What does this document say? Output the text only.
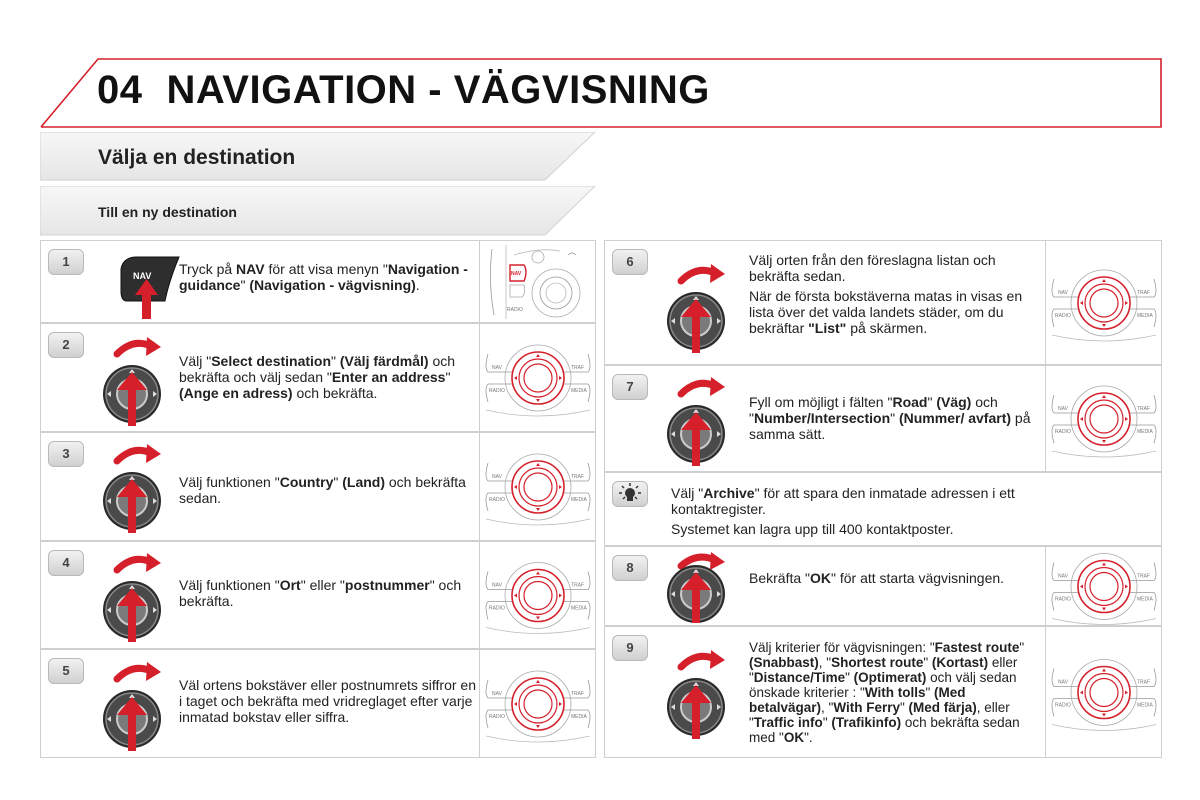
04 NAVIGATION - VÄGVISNING
Välja en destination
Till en ny destination
1
NAV Tryck på NAV för att visa menyn "Navigation - guidance" (Navigation - vägvisning).
NAV
RADIO
2
Välj "Select destination" (Välj färdmål) och bekräfta och välj sedan "Enter an address" (Ange en adress) och bekräfta.
NAV	TRAF
RADIO	MEDIA
3
Välj funktionen "Country" (Land) och bekräfta sedan.
NAV	TRAF
RADIO	MEDIA
4
Välj funktionen "Ort" eller "postnummer" och bekräfta.
NAV	TRAF
RADIO	MEDIA
5
Väl ortens bokstäver eller postnumrets siffror en i taget och bekräfta med vridreglaget efter varje inmatad bokstav eller siffra.
NAV	TRAF
RADIO	MEDIA
6	Välj orten från den föreslagna listan och bekräfta sedan.

När de första bokstäverna matas in visas en lista över det valda landets städer, om du bekräftar "List" på skärmen.

NAV	TRAF
RADIO	MEDIA
7
Fyll om möjligt i fälten "Road" (Väg) och "Number/Intersection" (Nummer/ avfart) på samma sätt.
NAV	TRAF
RADIO	MEDIA

Välj "Archive" för att spara den inmatade adressen i ett kontaktregister.

Systemet kan lagra upp till 400 kontaktposter.

8
Bekräfta "OK" för att starta vägvisningen.	NAV	TRAF
RADIO	MEDIA
9	Välj kriterier för vägvisningen: "Fastest route" (Snabbast), "Shortest route" (Kortast) eller "Distance/Time" (Optimerat) och välj sedan önskade kriterier : "With tolls" (Med betalvägar), "With Ferry" (Med färja), eller "Traffic info" (Trafikinfo) och bekräfta sedan med "OK".
NAV	TRAF
RADIO	MEDIA
